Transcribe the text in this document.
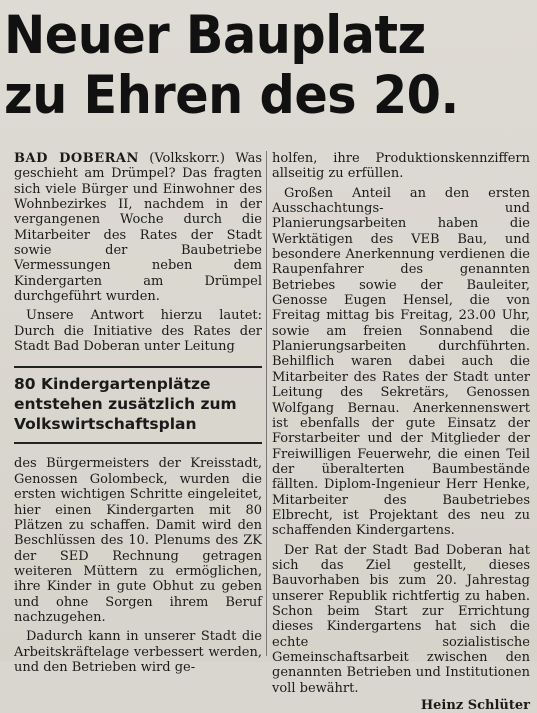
Neuer Bauplatz
zu Ehren des 20.

BAD DOBERAN (Volkskorr.) Was geschieht am Drümpel? Das fragten sich viele Bürger und Einwohner des Wohnbezirkes II, nachdem in der vergangenen Woche durch die Mitarbeiter des Rates der Stadt sowie der Baubetriebe Vermessungen neben dem Kindergarten am Drümpel durchgeführt wurden.

Unsere Antwort hierzu lautet: Durch die Initiative des Rates der Stadt Bad Doberan unter Leitung

80 Kindergartenplätze entstehen zusätzlich zum Volkswirtschaftsplan

des Bürgermeisters der Kreisstadt, Genossen Golombeck, wurden die ersten wichtigen Schritte eingeleitet, hier einen Kindergarten mit 80 Plätzen zu schaffen. Damit wird den Beschlüssen des 10. Plenums des ZK der SED Rechnung getragen weiteren Müttern zu ermöglichen, ihre Kinder in gute Obhut zu geben und ohne Sorgen ihrem Beruf nachzugehen.

Dadurch kann in unserer Stadt die Arbeitskräftelage verbessert werden, und den Betrieben wird ge-

holfen, ihre Produktionskennziffern allseitig zu erfüllen.

Großen Anteil an den ersten Ausschachtungs- und Planierungsarbeiten haben die Werktätigen des VEB Bau, und besondere Anerkennung verdienen die Raupenfahrer des genannten Betriebes sowie der Bauleiter, Genosse Eugen Hensel, die von Freitag mittag bis Freitag, 23.00 Uhr, sowie am freien Sonnabend die Planierungsarbeiten durchführten. Behilflich waren dabei auch die Mitarbeiter des Rates der Stadt unter Leitung des Sekretärs, Genossen Wolfgang Bernau. Anerkennenswert ist ebenfalls der gute Einsatz der Forstarbeiter und der Mitglieder der Freiwilligen Feuerwehr, die einen Teil der überalterten Baumbestände fällten. Diplom-Ingenieur Herr Henke, Mitarbeiter des Baubetriebes Elbrecht, ist Projektant des neu zu schaffenden Kindergartens.

Der Rat der Stadt Bad Doberan hat sich das Ziel gestellt, dieses Bauvorhaben bis zum 20. Jahrestag unserer Republik richtfertig zu haben. Schon beim Start zur Errichtung dieses Kindergartens hat sich die echte sozialistische Gemeinschaftsarbeit zwischen den genannten Betrieben und Institutionen voll bewährt.

Heinz Schlüter
